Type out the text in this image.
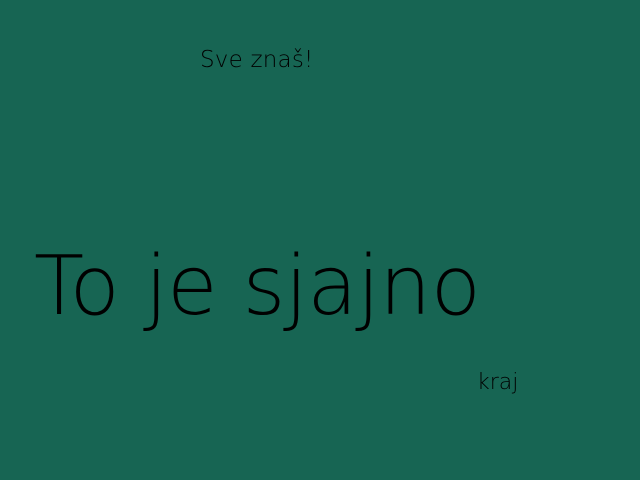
Sve znaš!
To je sjajno
kraj
